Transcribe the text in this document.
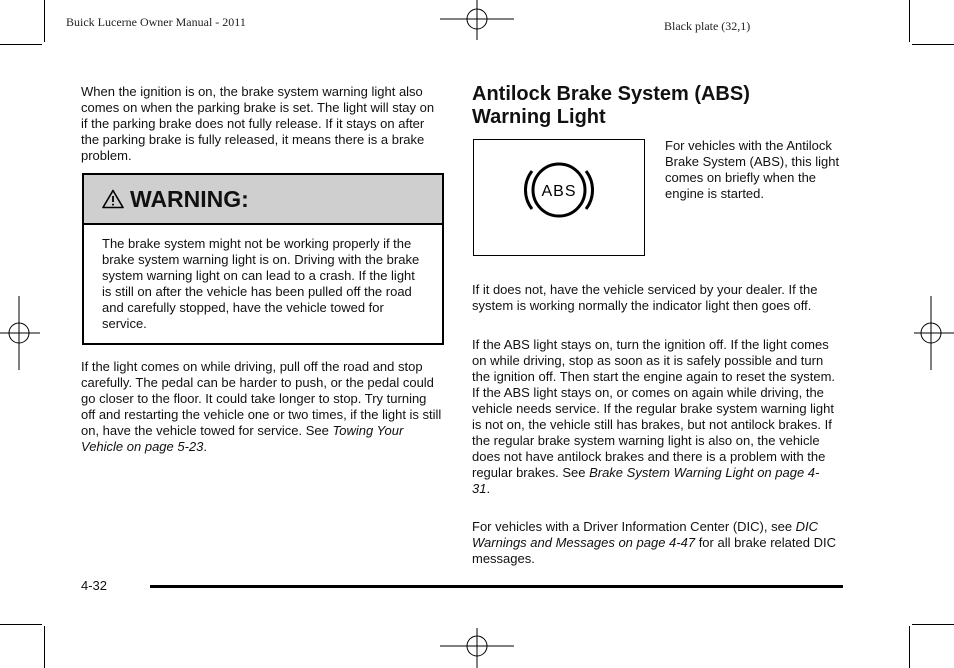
Buick Lucerne Owner Manual - 2011	Black plate (32,1)

When the ignition is on, the brake system warning light also comes on when the parking brake is set. The light will stay on if the parking brake does not fully release. If it stays on after the parking brake is fully released, it means there is a brake problem.

WARNING:

The brake system might not be working properly if the brake system warning light is on. Driving with the brake system warning light on can lead to a crash. If the light is still on after the vehicle has been pulled off the road and carefully stopped, have the vehicle towed for service.

If the light comes on while driving, pull off the road and stop carefully. The pedal can be harder to push, or the pedal could go closer to the floor. It could take longer to stop. Try turning off and restarting the vehicle one or two times, if the light is still on, have the vehicle towed for service. See Towing Your Vehicle on page 5-23.

Antilock Brake System (ABS) Warning Light
ABS

For vehicles with the Antilock Brake System (ABS), this light comes on briefly when the engine is started.

If it does not, have the vehicle serviced by your dealer. If the system is working normally the indicator light then goes off.

If the ABS light stays on, turn the ignition off. If the light comes on while driving, stop as soon as it is safely possible and turn the ignition off. Then start the engine again to reset the system. If the ABS light stays on, or comes on again while driving, the vehicle needs service. If the regular brake system warning light is not on, the vehicle still has brakes, but not antilock brakes. If the regular brake system warning light is also on, the vehicle does not have antilock brakes and there is a problem with the regular brakes. See Brake System Warning Light on page 4-31.

For vehicles with a Driver Information Center (DIC), see DIC Warnings and Messages on page 4-47 for all brake related DIC messages.

4-32
